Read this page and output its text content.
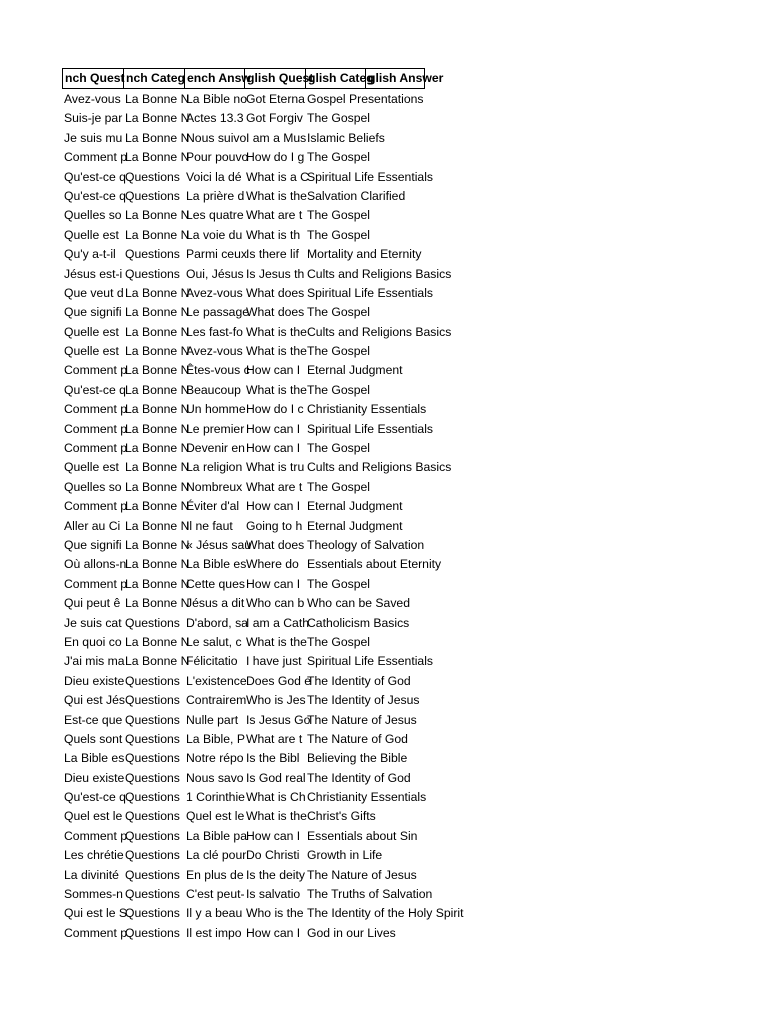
nch Quest nch Categ ench Answ
glish Quest
glish Categ
glish Answer
Avez-vous La Bonne N
La Bible no Got Eterna Gospel Presentations
Suis-je par La Bonne N
Actes 13.3 Got Forgiv The Gospel
Je suis mu La Bonne N
Nous suivo I am a Mus Islamic Beliefs
Comment p
La Bonne N
Pour pouvo
How do I g The Gospel
Qu'est-ce q Questions Voici la dé What is a C
Spiritual Life Essentials
Qu'est-ce q Questions La prière d What is the Salvation Clarified
Quelles so La Bonne N
Les quatre What are t The Gospel
Quelle est La Bonne N
La voie du What is th The Gospel
Qu'y a-t-il Questions Parmi ceux Is there lif Mortality and Eternity
Jésus est-i Questions Oui, Jésus Is Jesus th Cults and Religions Basics
Que veut d La Bonne N
Avez-vous What does Spiritual Life Essentials
Que signifi La Bonne N
Le passage
What does The Gospel
Quelle est La Bonne N
Les fast-fo What is the Cults and Religions Basics
Quelle est La Bonne N
Avez-vous What is the The Gospel
Comment p
La Bonne N
Êtes-vous c
How can I Eternal Judgment
Qu'est-ce q La Bonne N
Beaucoup What is the The Gospel
Comment p
La Bonne N
Un homme How do I c Christianity Essentials
Comment p
La Bonne N
Le premier How can I Spiritual Life Essentials
Comment p
La Bonne N
Devenir en How can I The Gospel
Quelle est La Bonne N
La religion What is tru Cults and Religions Basics
Quelles so La Bonne N
Nombreux What are t The Gospel
Comment p
La Bonne N
Éviter d'al How can I Eternal Judgment
Aller au Ci La Bonne N
Il ne faut	Going to h Eternal Judgment
Que signifi La Bonne N
« Jésus sau
What does Theology of Salvation
Où allons-n
La Bonne N
La Bible es Where do Essentials about Eternity
Comment p
La Bonne N
Cette ques How can I The Gospel
Qui peut ê La Bonne N
Jésus a dit Who can b Who can be Saved
Je suis cat Questions D'abord, sa
I am a Cath
Catholicism Basics
En quoi co La Bonne N
Le salut, c What is the The Gospel
J'ai mis ma La Bonne N
Félicitatio I have just Spiritual Life Essentials
Dieu existe Questions L'existence Does God e
The Identity of God
Qui est Jés Questions Contrairem Who is Jes The Identity of Jesus
Est-ce que Questions Nulle part Is Jesus Go
The Nature of Jesus
Quels sont Questions La Bible, P What are t The Nature of God
La Bible es Questions Notre répo Is the Bibl Believing the Bible
Dieu existe Questions Nous savo Is God real The Identity of God
Qu'est-ce q Questions 1 Corinthie What is Ch Christianity Essentials
Quel est le Questions Quel est le What is the Christ's Gifts
Comment p
Questions La Bible pa How can I Essentials about Sin
Les chrétie Questions La clé pour Do Christi Growth in Life
La divinité Questions En plus de Is the deity The Nature of Jesus
Sommes-n Questions C'est peut- Is salvatio The Truths of Salvation
Qui est le S
Questions Il y a beau Who is the The Identity of the Holy Spirit
Comment p
Questions Il est impo How can I God in our Lives
